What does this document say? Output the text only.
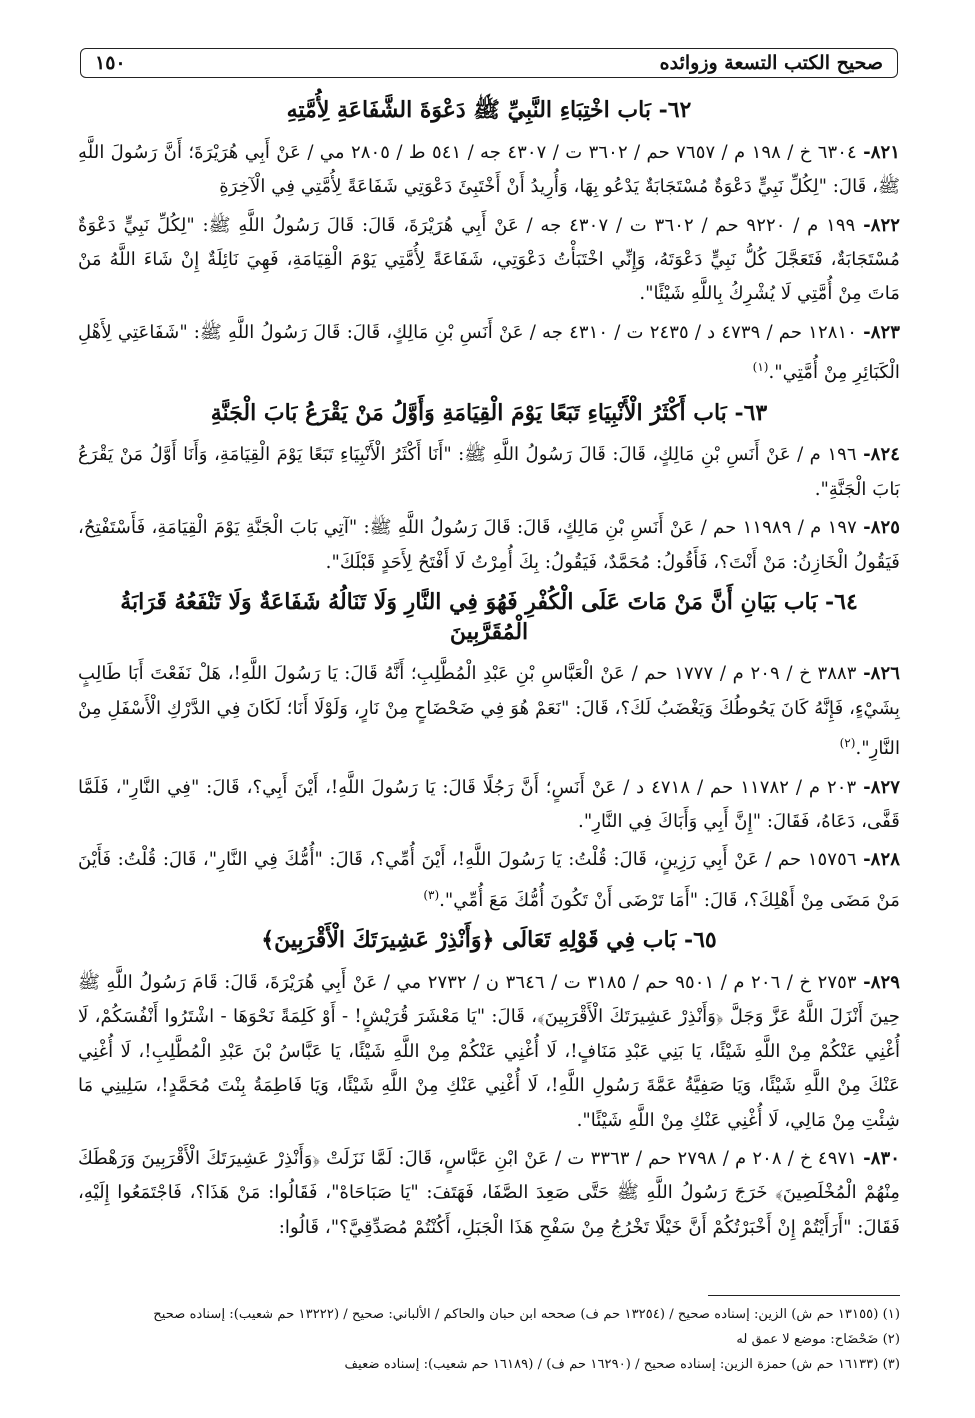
صحيح الكتب التسعة وزوائده
١٥٠
٦٢- بَاب اخْتِبَاءِ النَّبِيِّ ﷺ دَعْوَةَ الشَّفَاعَةِ لِأُمَّتِهِ

٨٢١- ٦٣٠٤ خ / ١٩٨ م / ٧٦٥٧ حم / ٣٦٠٢ ت / ٤٣٠٧ جه / ٥٤١ ط / ٢٨٠٥ مي / عَنْ أَبِي هُرَيْرَةَ؛ أَنَّ رَسُولَ اللَّهِ ﷺ، قَالَ: "لِكُلِّ نَبِيٍّ دَعْوَةٌ مُسْتَجَابَةٌ يَدْعُو بِهَا، وَأُرِيدُ أَنْ أَخْتَبِئَ دَعْوَتِي شَفَاعَةً لِأُمَّتِي فِي الْآخِرَةِ

٨٢٢- ١٩٩ م / ٩٢٢٠ حم / ٣٦٠٢ ت / ٤٣٠٧ جه / عَنْ أَبِي هُرَيْرَةَ، قَالَ: قَالَ رَسُولُ اللَّهِ ﷺ: "لِكُلِّ نَبِيٍّ دَعْوَةٌ مُسْتَجَابَةٌ، فَتَعَجَّلَ كُلُّ نَبِيٍّ دَعْوَتَهُ، وَإِنِّي اخْتَبَأْتُ دَعْوَتِي، شَفَاعَةً لِأُمَّتِي يَوْمَ الْقِيَامَةِ، فَهِيَ نَائِلَةٌ إِنْ شَاءَ اللَّهُ مَنْ مَاتَ مِنْ أُمَّتِي لَا يُشْرِكُ بِاللَّهِ شَيْئًا".

٨٢٣- ١٢٨١٠ حم / ٤٧٣٩ د / ٢٤٣٥ ت / ٤٣١٠ جه / عَنْ أَنَسِ بْنِ مَالِكٍ، قَالَ: قَالَ رَسُولُ اللَّهِ ﷺ: "شَفَاعَتِي لِأَهْلِ الْكَبَائِرِ مِنْ أُمَّتِي".$^{(١)}$

٦٣- بَاب أَكْثَرُ الْأَنْبِيَاءِ تَبَعًا يَوْمَ الْقِيَامَةِ وَأَوَّلُ مَنْ يَقْرَعُ بَابَ الْجَنَّةِ

٨٢٤- ١٩٦ م / عَنْ أَنَسِ بْنِ مَالِكٍ، قَالَ: قَالَ رَسُولُ اللَّهِ ﷺ: "أَنَا أَكْثَرُ الْأَنْبِيَاءِ تَبَعًا يَوْمَ الْقِيَامَةِ، وَأَنَا أَوَّلُ مَنْ يَقْرَعُ بَابَ الْجَنَّةِ".

٨٢٥- ١٩٧ م / ١١٩٨٩ حم / عَنْ أَنَسِ بْنِ مَالِكٍ، قَالَ: قَالَ رَسُولُ اللَّهِ ﷺ: "آتِي بَابَ الْجَنَّةِ يَوْمَ الْقِيَامَةِ، فَأَسْتَفْتِحُ، فَيَقُولُ الْخَازِنُ: مَنْ أَنْتَ؟، فَأَقُولُ: مُحَمَّدٌ، فَيَقُولُ: بِكَ أُمِرْتُ لَا أَفْتَحُ لِأَحَدٍ قَبْلَكَ".

٦٤- بَاب بَيَانِ أَنَّ مَنْ مَاتَ عَلَى الْكُفْرِ فَهُوَ فِي النَّارِ وَلَا تَنَالُهُ شَفَاعَةٌ وَلَا تَنْفَعُهُ قَرَابَةُ الْمُقَرَّبِينَ

٨٢٦- ٣٨٨٣ خ / ٢٠٩ م / ١٧٧٧ حم / عَنْ الْعَبَّاسِ بْنِ عَبْدِ الْمُطَّلِبِ؛ أَنَّهُ قَالَ: يَا رَسُولَ اللَّهِ!، هَلْ نَفَعْتَ أَبَا طَالِبٍ بِشَيْءٍ، فَإِنَّهُ كَانَ يَحُوطُكَ وَيَغْضَبُ لَكَ؟، قَالَ: "نَعَمْ هُوَ فِي ضَحْضَاحٍ مِنْ نَارٍ، وَلَوْلَا أَنَا؛ لَكَانَ فِي الدَّرْكِ الْأَسْفَلِ مِنْ النَّارِ".$^{(٢)}$

٨٢٧- ٢٠٣ م / ١١٧٨٢ حم / ٤٧١٨ د / عَنْ أَنَسٍ؛ أَنَّ رَجُلًا قَالَ: يَا رَسُولَ اللَّهِ!، أَيْنَ أَبِي؟، قَالَ: "فِي النَّارِ"، فَلَمَّا قَفَّى، دَعَاهُ، فَقَالَ: "إِنَّ أَبِي وَأَبَاكَ فِي النَّارِ".

٨٢٨- ١٥٧٥٦ حم / عَنْ أَبِي رَزِينٍ، قَالَ: قُلْتُ: يَا رَسُولَ اللَّهِ!، أَيْنَ أُمِّي؟، قَالَ: "أُمُّكَ فِي النَّارِ"، قَالَ: قُلْتُ: فَأَيْنَ مَنْ مَضَى مِنْ أَهْلِكَ؟، قَالَ: "أَمَا تَرْضَى أَنْ تَكُونَ أُمُّكَ مَعَ أُمِّي".$^{(٣)}$

٦٥- بَاب فِي قَوْلِهِ تَعَالَى ﴿وَأَنْذِرْ عَشِيرَتَكَ الْأَقْرَبِينَ﴾

٨٢٩- ٢٧٥٣ خ / ٢٠٦ م / ٩٥٠١ حم / ٣١٨٥ ت / ٣٦٤٦ ن / ٢٧٣٢ مي / عَنْ أَبِي هُرَيْرَةَ، قَالَ: قَامَ رَسُولُ اللَّهِ ﷺ حِينَ أَنْزَلَ اللَّهُ عَزَّ وَجَلَّ ﴿وَأَنْذِرْ عَشِيرَتَكَ الْأَقْرَبِينَ﴾، قَالَ: "يَا مَعْشَرَ قُرَيْشٍ! - أَوْ كَلِمَةً نَحْوَهَا - اشْتَرُوا أَنْفُسَكُمْ، لَا أُغْنِي عَنْكُمْ مِنْ اللَّهِ شَيْئًا، يَا بَنِي عَبْدِ مَنَافٍ!، لَا أُغْنِي عَنْكُمْ مِنْ اللَّهِ شَيْئًا، يَا عَبَّاسُ بْنَ عَبْدِ الْمُطَّلِبِ!، لَا أُغْنِي عَنْكَ مِنْ اللَّهِ شَيْئًا، وَيَا صَفِيَّةُ عَمَّةَ رَسُولِ اللَّهِ!، لَا أُغْنِي عَنْكِ مِنْ اللَّهِ شَيْئًا، وَيَا فَاطِمَةُ بِنْتَ مُحَمَّدٍ!، سَلِينِي مَا شِئْتِ مِنْ مَالِي، لَا أُغْنِي عَنْكِ مِنْ اللَّهِ شَيْئًا".

٨٣٠- ٤٩٧١ خ / ٢٠٨ م / ٢٧٩٨ حم / ٣٣٦٣ ت / عَنْ ابْنِ عَبَّاسٍ، قَالَ: لَمَّا نَزَلَتْ ﴿وَأَنْذِرْ عَشِيرَتَكَ الْأَقْرَبِينَ وَرَهْطَكَ مِنْهُمْ الْمُخْلَصِينَ﴾ خَرَجَ رَسُولُ اللَّهِ ﷺ حَتَّى صَعِدَ الصَّفَا، فَهَتَفَ: "يَا صَبَاحَاهْ"، فَقَالُوا: مَنْ هَذَا؟، فَاجْتَمَعُوا إِلَيْهِ، فَقَالَ: "أَرَأَيْتُمْ إِنْ أَخْبَرْتُكُمْ أَنَّ خَيْلًا تَخْرُجُ مِنْ سَفْحِ هَذَا الْجَبَلِ، أَكُنْتُمْ مُصَدِّقِيَّ؟"، قَالُوا:

(١) (١٣١٥٥ حم ش) الزين: إسناده صحيح / (١٣٢٥٤ حم ف) صححه ابن حبان والحاكم / الألباني: صحيح / (١٣٢٢٢ حم شعيب): إسناده صحيح

(٢) ضَحْضَاح: موضع لا عمق له

(٣) (١٦١٣٣ حم ش) حمزة الزين: إسناده صحيح / (١٦٢٩٠ حم ف) / (١٦١٨٩ حم شعيب): إسناده ضعيف
